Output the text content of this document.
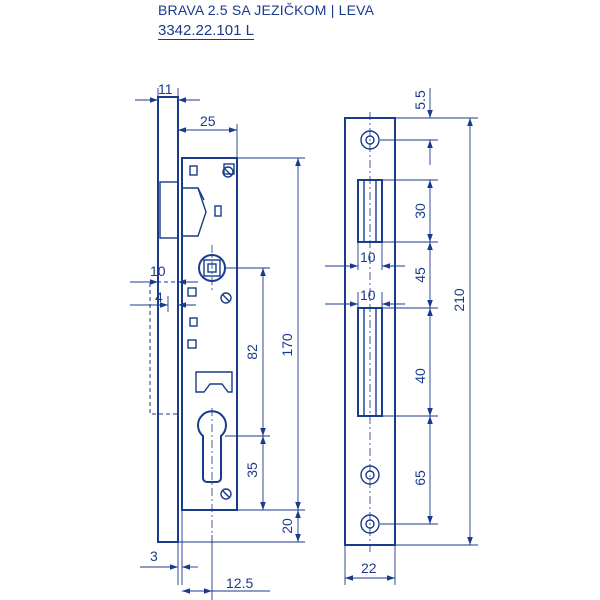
BRAVA 2.5 SA JEZIČKOM | LEVA
3342.22.101 L
11
25
170
82
35
20
10
4
3
12.5
5.5
30
45
40
65
210
10
10
22
